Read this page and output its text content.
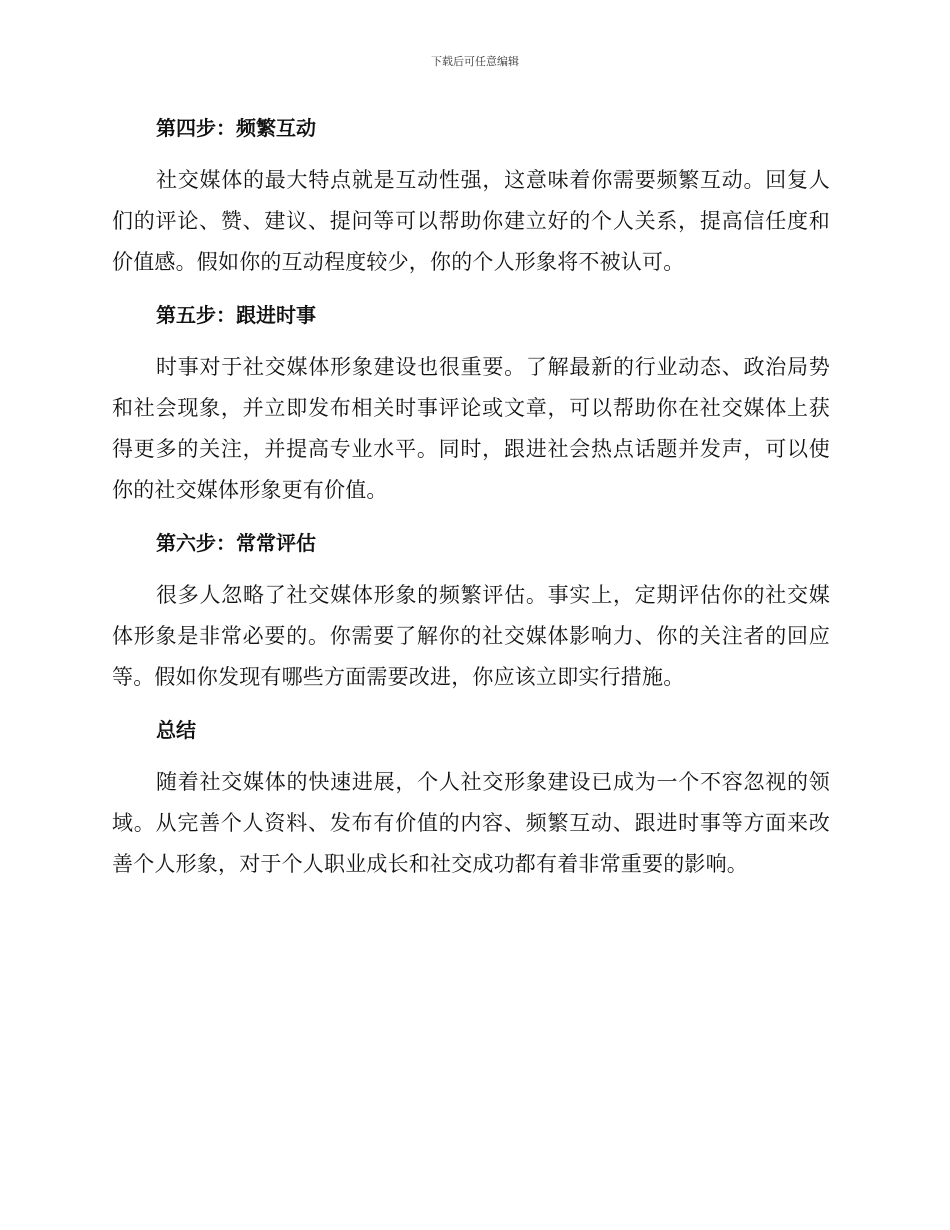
下载后可任意编辑
第四步：频繁互动

社交媒体的最大特点就是互动性强，这意味着你需要频繁互动。回复人们的评论、赞、建议、提问等可以帮助你建立好的个人关系，提高信任度和价值感。假如你的互动程度较少，你的个人形象将不被认可。

第五步：跟进时事

时事对于社交媒体形象建设也很重要。了解最新的行业动态、政治局势和社会现象，并立即发布相关时事评论或文章，可以帮助你在社交媒体上获得更多的关注，并提高专业水平。同时，跟进社会热点话题并发声，可以使你的社交媒体形象更有价值。

第六步：常常评估

很多人忽略了社交媒体形象的频繁评估。事实上，定期评估你的社交媒体形象是非常必要的。你需要了解你的社交媒体影响力、你的关注者的回应等。假如你发现有哪些方面需要改进，你应该立即实行措施。

总结

随着社交媒体的快速进展，个人社交形象建设已成为一个不容忽视的领域。从完善个人资料、发布有价值的内容、频繁互动、跟进时事等方面来改善个人形象，对于个人职业成长和社交成功都有着非常重要的影响。
